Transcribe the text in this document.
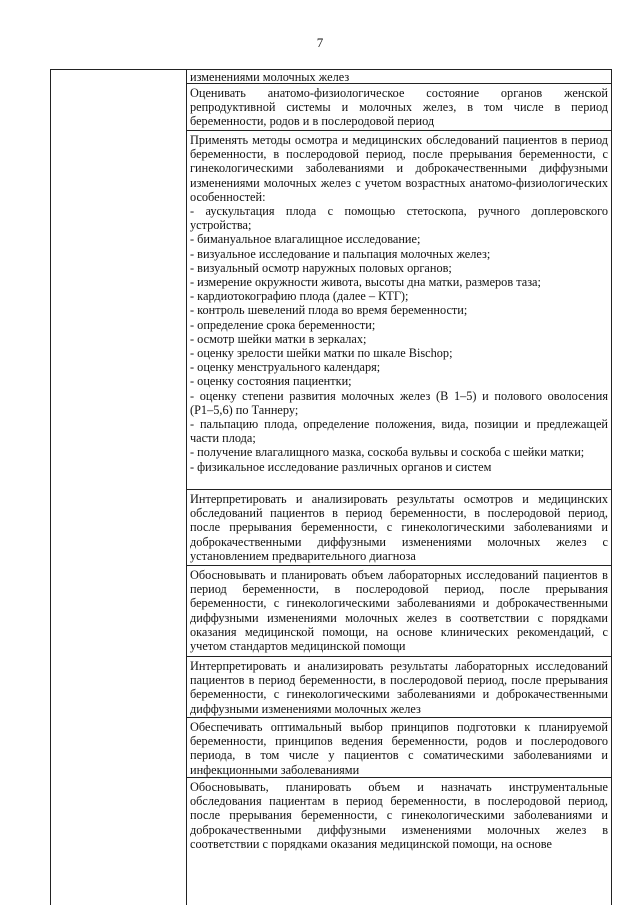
7
изменениями молочных желез
Оценивать анатомо-физиологическое состояние органов женской репродуктивной системы и молочных желез, в том числе в период беременности, родов и в послеродовой период
Применять методы осмотра и медицинских обследований пациентов в период беременности, в послеродовой период, после прерывания беременности, с гинекологическими заболеваниями и доброкачественными диффузными изменениями молочных желез с учетом возрастных анатомо-физиологических особенностей:
- аускультация плода с помощью стетоскопа, ручного доплеровского устройства;
- бимануальное влагалищное исследование;
- визуальное исследование и пальпация молочных желез;
- визуальный осмотр наружных половых органов;
- измерение окружности живота, высоты дна матки, размеров таза;
- кардиотокографию плода (далее – КТГ);
- контроль шевелений плода во время беременности;
- определение срока беременности;
- осмотр шейки матки в зеркалах;
- оценку зрелости шейки матки по шкале Bischop;
- оценку менструального календаря;
- оценку состояния пациентки;
- оценку степени развития молочных желез (В 1–5) и полового оволосения (Р1–5,6) по Таннеру;
- пальпацию плода, определение положения, вида, позиции и предлежащей части плода;
- получение влагалищного мазка, соскоба вульвы и соскоба с шейки матки;
- физикальное исследование различных органов и систем
Интерпретировать и анализировать результаты осмотров и медицинских обследований пациентов в период беременности, в послеродовой период, после прерывания беременности, с гинекологическими заболеваниями и доброкачественными диффузными изменениями молочных желез с установлением предварительного диагноза
Обосновывать и планировать объем лабораторных исследований пациентов в период беременности, в послеродовой период, после прерывания беременности, с гинекологическими заболеваниями и доброкачественными диффузными изменениями молочных желез в соответствии с порядками оказания медицинской помощи, на основе клинических рекомендаций, с учетом стандартов медицинской помощи
Интерпретировать и анализировать результаты лабораторных исследований пациентов в период беременности, в послеродовой период, после прерывания беременности, с гинекологическими заболеваниями и доброкачественными диффузными изменениями молочных желез
Обеспечивать оптимальный выбор принципов подготовки к планируемой беременности, принципов ведения беременности, родов и послеродового периода, в том числе у пациентов с соматическими заболеваниями и инфекционными заболеваниями
Обосновывать, планировать объем и назначать инструментальные обследования пациентам в период беременности, в послеродовой период, после прерывания беременности, с гинекологическими заболеваниями и доброкачественными диффузными изменениями молочных желез в соответствии с порядками оказания медицинской помощи, на основе
